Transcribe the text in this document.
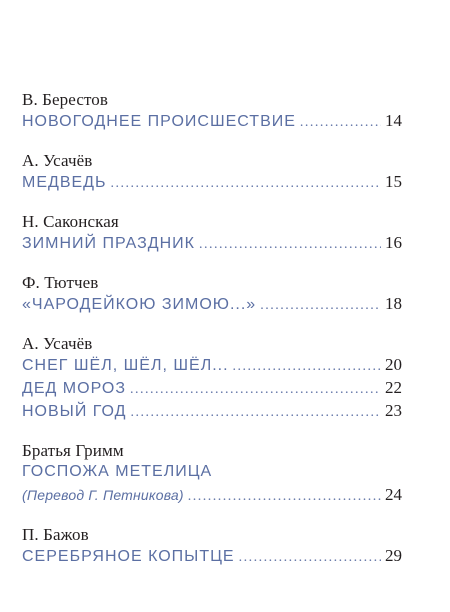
В. Берестов
НОВОГОДНЕЕ ПРОИСШЕСТВИЕ .....	14
А. Усачёв
МЕДВЕДЬ .....	15
Н. Саконская
ЗИМНИЙ ПРАЗДНИК .....	16
Ф. Тютчев
«ЧАРОДЕЙКОЮ ЗИМОЮ...» .....	18
А. Усачёв
СНЕГ ШЁЛ, ШЁЛ, ШЁЛ... .....	20
ДЕД МОРОЗ .....	22
НОВЫЙ ГОД .....	23
Братья Гримм
ГОСПОЖА МЕТЕЛИЦА
(Перевод Г. Петникова) .....	24
П. Бажов
СЕРЕБРЯНОЕ КОПЫТЦЕ .....	29
